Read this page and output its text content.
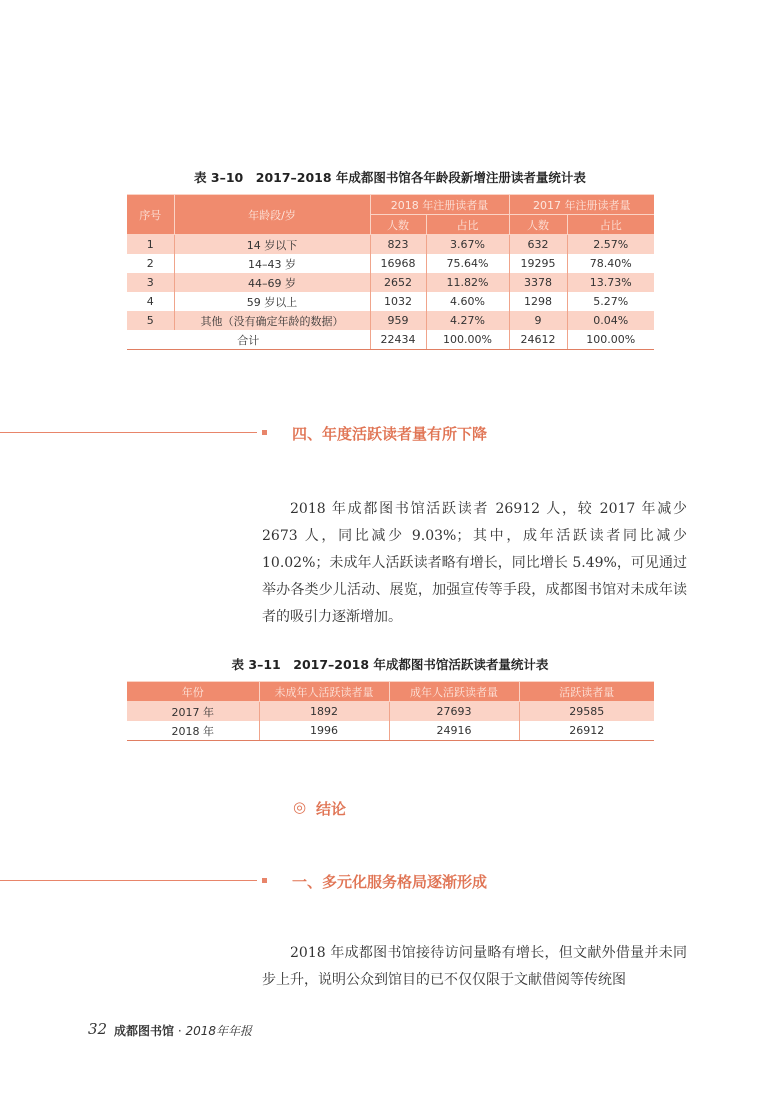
表 3–10　2017–2018 年成都图书馆各年龄段新增注册读者量统计表
序号	年龄段/岁	2018 年注册读者量		2017 年注册读者量	
		人数	占比	人数	占比
1	14 岁以下	823	3.67%	632	2.57%
2	14–43 岁	16968	75.64%	19295	78.40%
3	44–69 岁	2652	11.82%	3378	13.73%
4	59 岁以上	1032	4.60%	1298	5.27%
5	其他（没有确定年龄的数据）	959	4.27%	9	0.04%
合计		22434	100.00%	24612	100.00%
四、年度活跃读者量有所下降

2018 年成都图书馆活跃读者 26912 人，较 2017 年减少 2673 人，同比减少 9.03%；其中，成年活跃读者同比减少 10.02%；未成年人活跃读者略有增长，同比增长 5.49%，可见通过举办各类少儿活动、展览，加强宣传等手段，成都图书馆对未成年读者的吸引力逐渐增加。

表 3–11　2017–2018 年成都图书馆活跃读者量统计表
年份	未成年人活跃读者量	成年人活跃读者量	活跃读者量
2017 年	1892	27693	29585
2018 年	1996	24916	26912
◎ 结论
一、多元化服务格局逐渐形成

2018 年成都图书馆接待访问量略有增长，但文献外借量并未同步上升，说明公众到馆目的已不仅仅限于文献借阅等传统图

32 成都图书馆 · 2018年年报
